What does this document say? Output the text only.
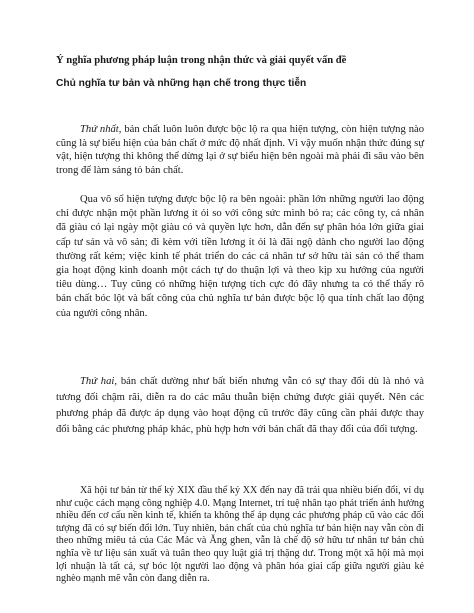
Ý nghĩa phương pháp luận trong nhận thức và giải quyết vấn đề
Chủ nghĩa tư bản và những hạn chế trong thực tiễn

Thứ nhất, bản chất luôn luôn được bộc lộ ra qua hiện tượng, còn hiện tượng nào cũng là sự biểu hiện của bản chất ở mức độ nhất định. Vì vậy muốn nhận thức đúng sự vật, hiện tượng thì không thể dừng lại ở sự biểu hiện bên ngoài mà phải đi sâu vào bên trong để làm sáng tỏ bản chất.

Qua vô số hiện tượng được bộc lộ ra bên ngoài: phần lớn những người lao động chỉ được nhận một phần lương ít ỏi so với công sức mình bỏ ra; các công ty, cá nhân đã giàu có lại ngày một giàu có và quyền lực hơn, dẫn đến sự phân hóa lớn giữa giai cấp tư sản và vô sản; đi kèm với tiền lương ít ỏi là đãi ngộ dành cho người lao động thường rất kém; việc kinh tế phát triển do các cá nhân tư sở hữu tài sản có thể tham gia hoạt động kinh doanh một cách tự do thuận lợi và theo kịp xu hướng của người tiêu dùng… Tuy cũng có những hiện tượng tích cực đó đây nhưng ta có thể thấy rõ bản chất bóc lột và bất công của chủ nghĩa tư bản được bộc lộ qua tính chất lao động của người công nhân.

Thứ hai, bản chất dường như bất biến nhưng vẫn có sự thay đổi dù là nhỏ và tương đối chậm rãi, diễn ra do các mâu thuẫn biện chứng được giải quyết. Nên các phương pháp đã được áp dụng vào hoạt động cũ trước đây cũng cần phải được thay đổi bằng các phương pháp khác, phù hợp hơn với bản chất đã thay đổi của đối tượng.

Xã hội tư bản từ thế kỷ XIX đầu thế kỷ XX đến nay đã trải qua nhiều biến đổi, ví dụ như cuộc cách mạng công nghiệp 4.0. Mạng Internet, trí tuệ nhân tạo phát triển ảnh hưởng nhiều đến cơ cấu nền kinh tế, khiến ta không thể áp dụng các phương pháp cũ vào các đối tượng đã có sự biến đổi lớn. Tuy nhiên, bản chất của chủ nghĩa tư bản hiện nay vẫn còn đi theo những miêu tả của Các Mác và Ăng ghen, vẫn là chế độ sở hữu tư nhân tư bản chủ nghĩa về tư liệu sản xuất và tuân theo quy luật giá trị thặng dư. Trong một xã hội mà mọi lợi nhuận là tất cả, sự bóc lột người lao động và phân hóa giai cấp giữa người giàu kẻ nghèo mạnh mẽ vẫn còn đang diễn ra.
